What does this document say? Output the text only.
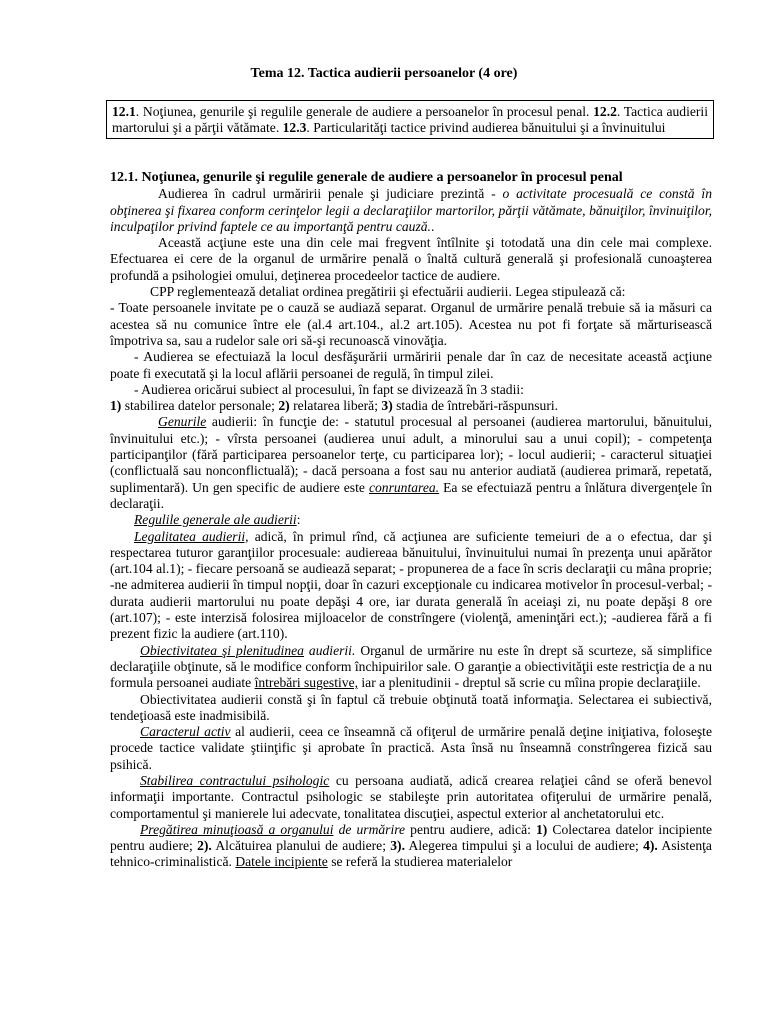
Tema 12. Tactica audierii persoanelor (4 ore)
12.1. Noţiunea, genurile şi regulile generale de audiere a persoanelor în procesul penal. 12.2. Tactica audierii martorului şi a părţii vătămate. 12.3. Particularităţi tactice privind audierea bănuitului şi a învinuitului
12.1. Noţiunea, genurile şi regulile generale de audiere a persoanelor în procesul penal

Audierea în cadrul urmăririi penale şi judiciare prezintă - o activitate procesuală ce constă în obţinerea şi fixarea conform cerinţelor legii a declaraţiilor martorilor, părţii vătămate, bănuiţilor, învinuiţilor, inculpaţilor privind faptele ce au importanţă pentru cauză..

Această acţiune este una din cele mai fregvent întîlnite şi totodată una din cele mai complexe. Efectuarea ei cere de la organul de urmărire penală o înaltă cultură generală şi profesională cunoaşterea profundă a psihologiei omului, deţinerea procedeelor tactice de audiere.

CPP reglementează detaliat ordinea pregătirii şi efectuării audierii. Legea stipulează că:

- Toate persoanele invitate pe o cauză se audiază separat. Organul de urmărire penală trebuie să ia măsuri ca acestea să nu comunice între ele (al.4 art.104., al.2 art.105). Acestea nu pot fi forţate să mărturisească împotriva sa, sau a rudelor sale ori să-şi recunoască vinovăţia.

- Audierea se efectuiază la locul desfăşurării urmăririi penale dar în caz de necesitate această acţiune poate fi executată şi la locul aflării persoanei de regulă, în timpul zilei.

- Audierea oricărui subiect al procesului, în fapt se divizează în 3 stadii:

1) stabilirea datelor personale; 2) relatarea liberă; 3) stadia de întrebări-răspunsuri.

Genurile audierii: în funcţie de: - statutul procesual al persoanei (audierea martorului, bănuitului, învinuitului etc.); - vîrsta persoanei (audierea unui adult, a minorului sau a unui copil); - competenţa participanţilor (fără participarea persoanelor terţe, cu participarea lor); - locul audierii; - caracterul situaţiei (conflictuală sau nonconflictuală); - dacă persoana a fost sau nu anterior audiată (audierea primară, repetată, suplimentară). Un gen specific de audiere este conruntarea. Ea se efectuiază pentru a înlătura divergenţele în declaraţii.

Regulile generale ale audierii:

Legalitatea audierii, adică, în primul rînd, că acţiunea are suficiente temeiuri de a o efectua, dar şi respectarea tuturor garanţiilor procesuale: audiereaa bănuitului, învinuitului numai în prezenţa unui apărător (art.104 al.1); - fiecare persoană se audiează separat; - propunerea de a face în scris declaraţii cu mâna proprie; -ne admiterea audierii în timpul nopţii, doar în cazuri excepţionale cu indicarea motivelor în procesul-verbal; -durata audierii martorului nu poate depăşi 4 ore, iar durata generală în aceiaşi zi, nu poate depăşi 8 ore (art.107); - este interzisă folosirea mijloacelor de constrîngere (violenţă, ameninţări ect.); -audierea fără a fi prezent fizic la audiere (art.110).

Obiectivitatea şi plenitudinea audierii. Organul de urmărire nu este în drept să scurteze, să simplifice declaraţiile obţinute, să le modifice conform închipuirilor sale. O garanţie a obiectivităţii este restricţia de a nu formula persoanei audiate întrebări sugestive, iar a plenitudinii - dreptul să scrie cu mîina propie declaraţiile.

Obiectivitatea audierii constă şi în faptul că trebuie obţinută toată informaţia. Selectarea ei subiectivă, tendeţioasă este inadmisibilă.

Caracterul activ al audierii, ceea ce înseamnă că ofiţerul de urmărire penală deţine iniţiativa, foloseşte procede tactice validate ştiinţific şi aprobate în practică. Asta însă nu înseamnă constrîngerea fizică sau psihică.

Stabilirea contractului psihologic cu persoana audiată, adică crearea relaţiei când se oferă benevol informaţii importante. Contractul psihologic se stabileşte prin autoritatea ofiţerului de urmărire penală, comportamentul şi manierele lui adecvate, tonalitatea discuţiei, aspectul exterior al anchetatorului etc.

Pregătirea minuţioasă a organului de urmărire pentru audiere, adică: 1) Colectarea datelor incipiente pentru audiere; 2). Alcătuirea planului de audiere; 3). Alegerea timpului şi a locului de audiere; 4). Asistenţa tehnico-criminalistică. Datele incipiente se referă la studierea materialelor
